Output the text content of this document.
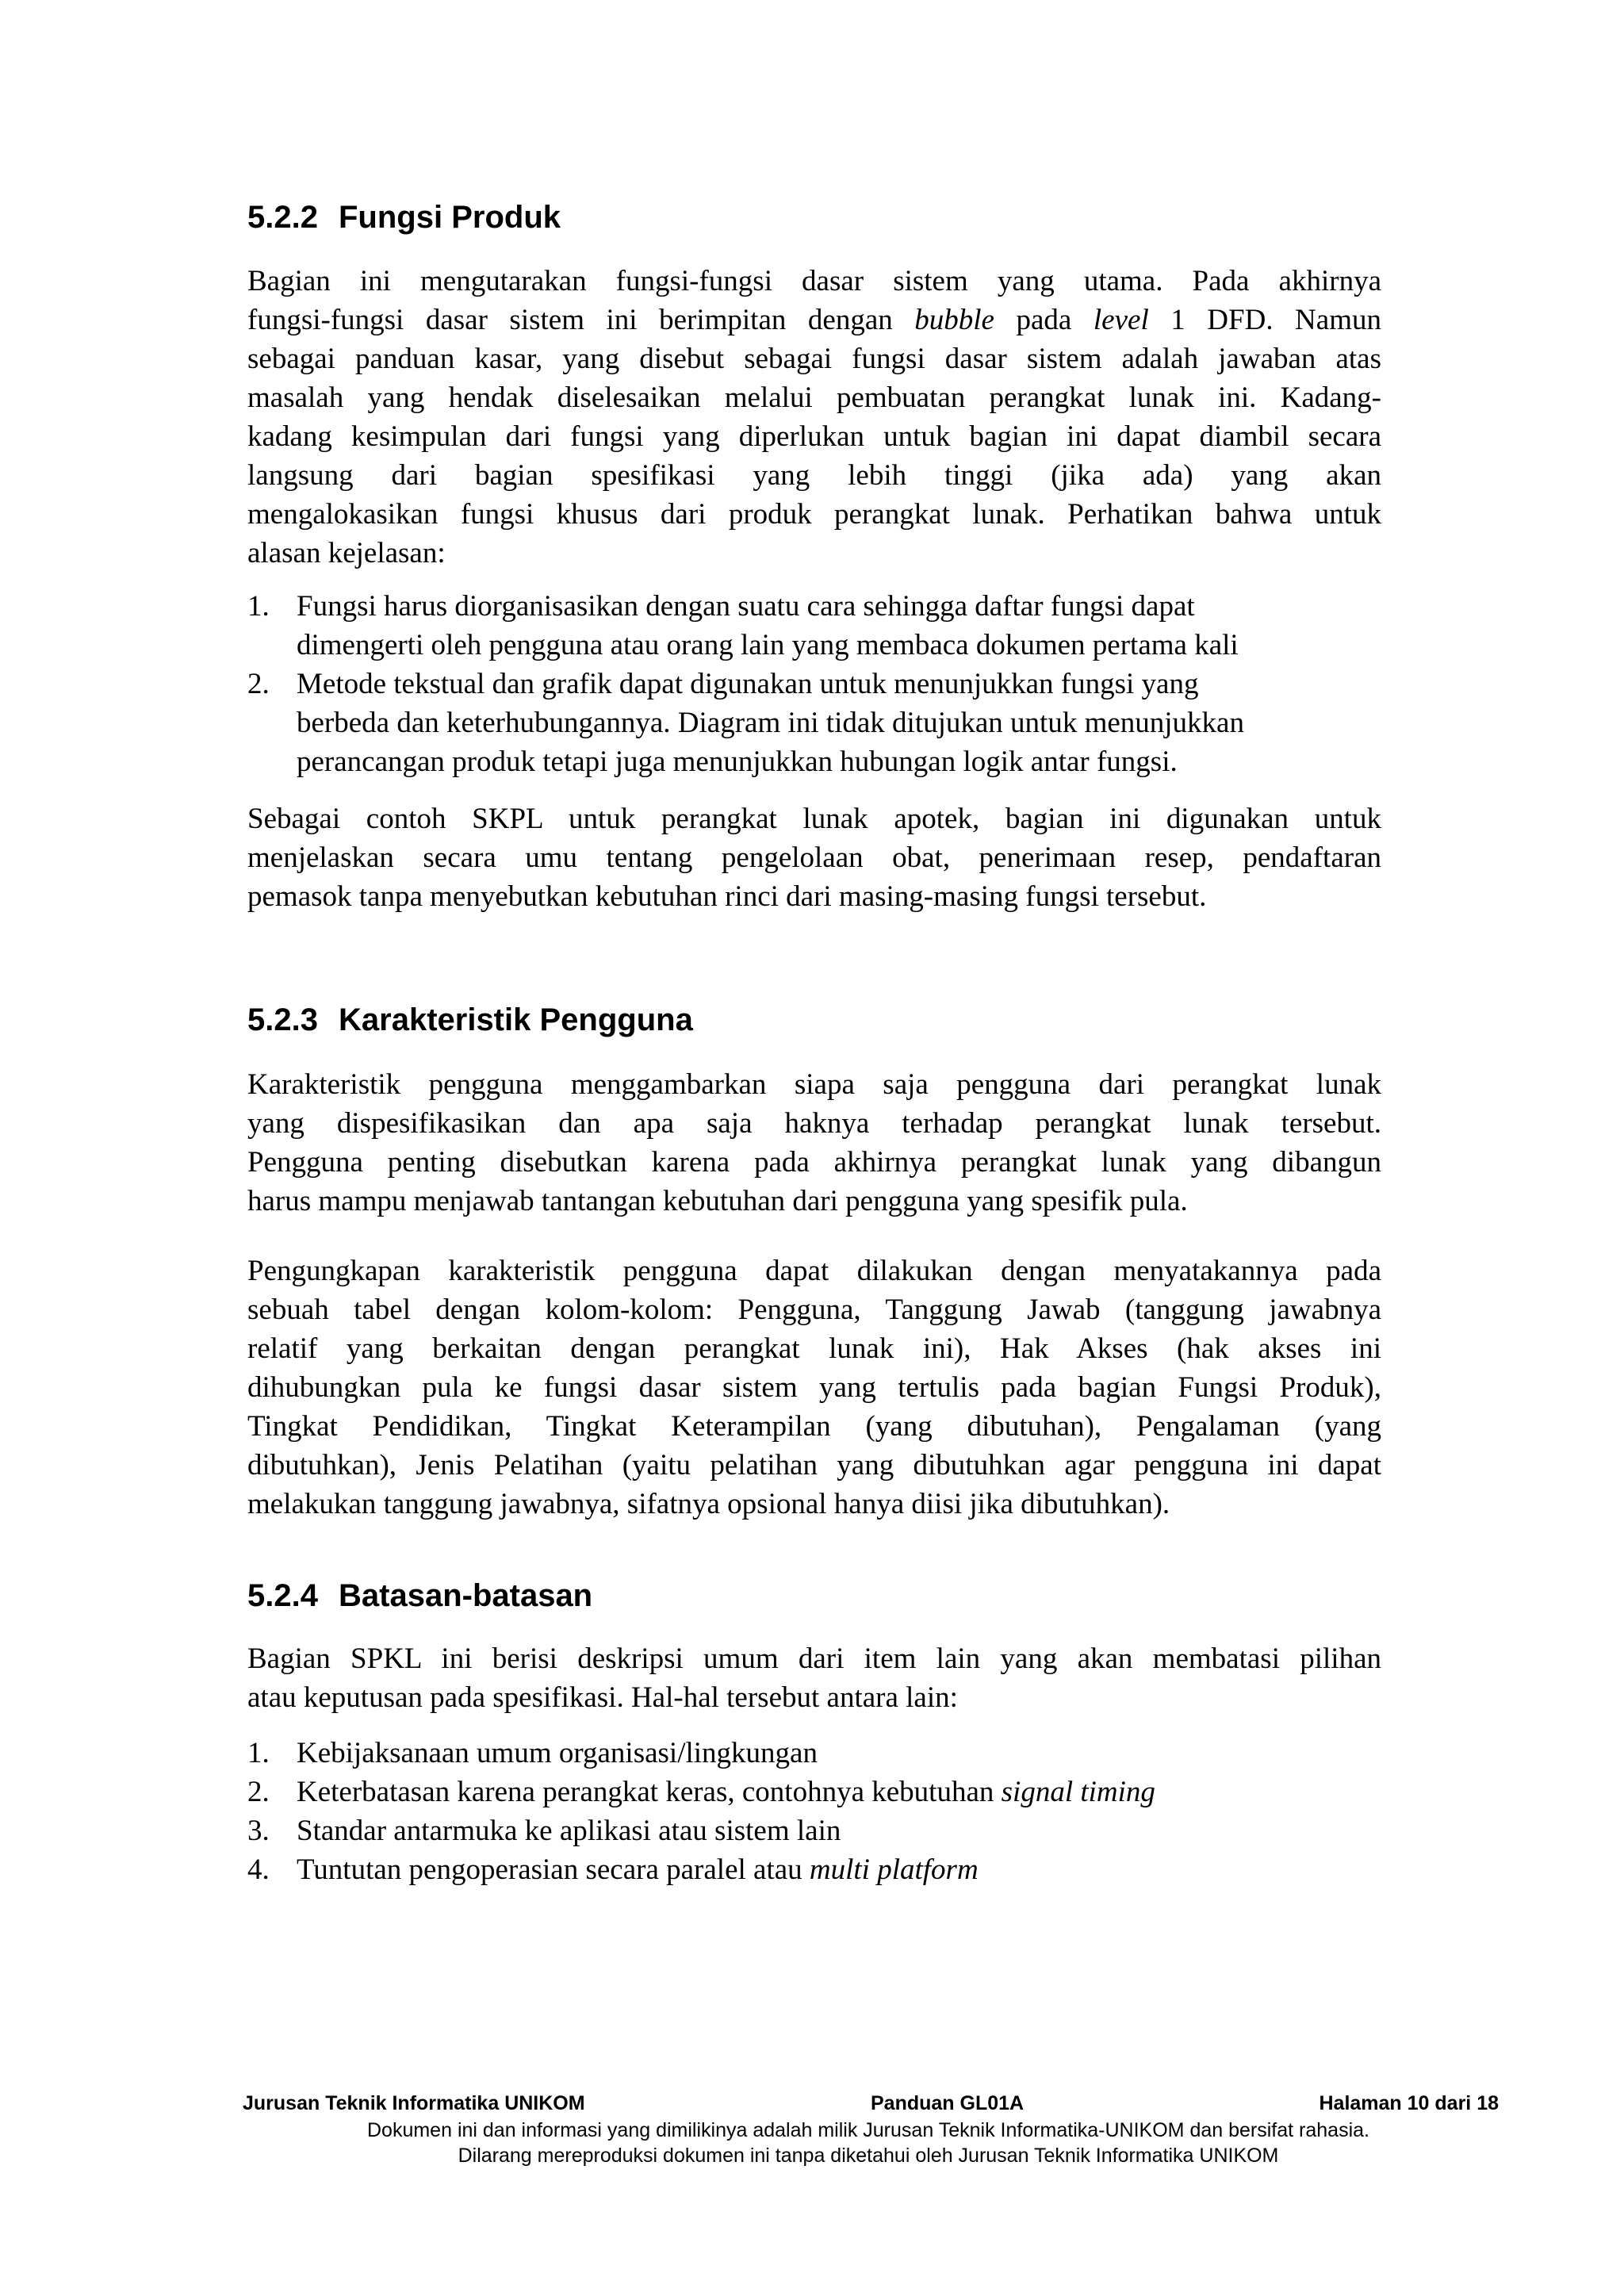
5.2.2 Fungsi Produk
Bagian ini mengutarakan fungsi-fungsi dasar sistem yang utama. Pada akhirnya
fungsi-fungsi dasar sistem ini berimpitan dengan bubble pada level 1 DFD. Namun
sebagai panduan kasar, yang disebut sebagai fungsi dasar sistem adalah jawaban atas
masalah yang hendak diselesaikan melalui pembuatan perangkat lunak ini. Kadang-
kadang kesimpulan dari fungsi yang diperlukan untuk bagian ini dapat diambil secara
langsung dari bagian spesifikasi yang lebih tinggi (jika ada) yang akan
mengalokasikan fungsi khusus dari produk perangkat lunak. Perhatikan bahwa untuk
alasan kejelasan:
1. Fungsi harus diorganisasikan dengan suatu cara sehingga daftar fungsi dapat
dimengerti oleh pengguna atau orang lain yang membaca dokumen pertama kali
2. Metode tekstual dan grafik dapat digunakan untuk menunjukkan fungsi yang
berbeda dan keterhubungannya. Diagram ini tidak ditujukan untuk menunjukkan
perancangan produk tetapi juga menunjukkan hubungan logik antar fungsi.
Sebagai contoh SKPL untuk perangkat lunak apotek, bagian ini digunakan untuk
menjelaskan secara umu tentang pengelolaan obat, penerimaan resep, pendaftaran
pemasok tanpa menyebutkan kebutuhan rinci dari masing-masing fungsi tersebut.
5.2.3 Karakteristik Pengguna
Karakteristik pengguna menggambarkan siapa saja pengguna dari perangkat lunak
yang dispesifikasikan dan apa saja haknya terhadap perangkat lunak tersebut.
Pengguna penting disebutkan karena pada akhirnya perangkat lunak yang dibangun
harus mampu menjawab tantangan kebutuhan dari pengguna yang spesifik pula.
Pengungkapan karakteristik pengguna dapat dilakukan dengan menyatakannya pada
sebuah tabel dengan kolom-kolom: Pengguna, Tanggung Jawab (tanggung jawabnya
relatif yang berkaitan dengan perangkat lunak ini), Hak Akses (hak akses ini
dihubungkan pula ke fungsi dasar sistem yang tertulis pada bagian Fungsi Produk),
Tingkat Pendidikan, Tingkat Keterampilan (yang dibutuhan), Pengalaman (yang
dibutuhkan), Jenis Pelatihan (yaitu pelatihan yang dibutuhkan agar pengguna ini dapat
melakukan tanggung jawabnya, sifatnya opsional hanya diisi jika dibutuhkan).
5.2.4 Batasan-batasan
Bagian SPKL ini berisi deskripsi umum dari item lain yang akan membatasi pilihan
atau keputusan pada spesifikasi. Hal-hal tersebut antara lain:
1. Kebijaksanaan umum organisasi/lingkungan
2. Keterbatasan karena perangkat keras, contohnya kebutuhan signal timing
3. Standar antarmuka ke aplikasi atau sistem lain
4. Tuntutan pengoperasian secara paralel atau multi platform
Jurusan Teknik Informatika UNIKOM	Panduan GL01A	Halaman 10 dari 18
Dokumen ini dan informasi yang dimilikinya adalah milik Jurusan Teknik Informatika-UNIKOM dan bersifat rahasia.
Dilarang mereproduksi dokumen ini tanpa diketahui oleh Jurusan Teknik Informatika UNIKOM
